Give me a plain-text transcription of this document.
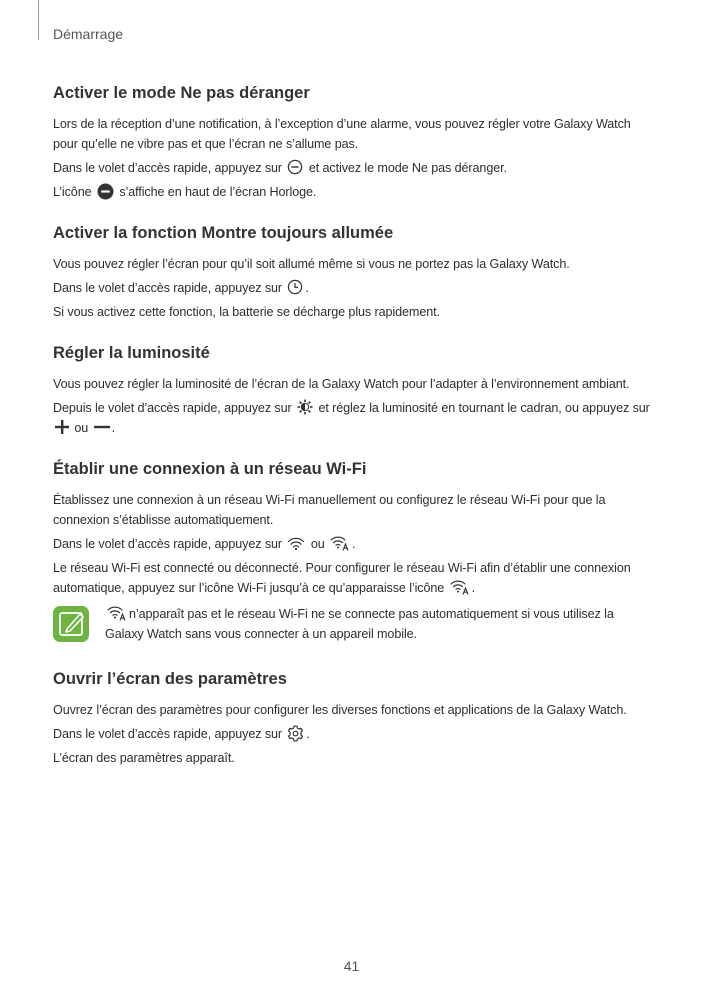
Démarrage
Activer le mode Ne pas déranger

Lors de la réception d’une notification, à l’exception d’une alarme, vous pouvez régler votre Galaxy Watch pour qu’elle ne vibre pas et que l’écran ne s’allume pas.

Dans le volet d’accès rapide, appuyez sur et activez le mode Ne pas déranger.

L’icône s’affiche en haut de l’écran Horloge.

Activer la fonction Montre toujours allumée

Vous pouvez régler l’écran pour qu’il soit allumé même si vous ne portez pas la Galaxy Watch.

Dans le volet d’accès rapide, appuyez sur .

Si vous activez cette fonction, la batterie se décharge plus rapidement.

Régler la luminosité

Vous pouvez régler la luminosité de l’écran de la Galaxy Watch pour l’adapter à l’environnement ambiant.

Depuis le volet d’accès rapide, appuyez sur et réglez la luminosité en tournant le cadran, ou appuyez sur  ou .

Établir une connexion à un réseau Wi-Fi

Établissez une connexion à un réseau Wi-Fi manuellement ou configurez le réseau Wi-Fi pour que la connexion s’établisse automatiquement.

Dans le volet d’accès rapide, appuyez sur ou .

Le réseau Wi-Fi est connecté ou déconnecté. Pour configurer le réseau Wi-Fi afin d’établir une connexion automatique, appuyez sur l’icône Wi-Fi jusqu’à ce qu’apparaisse l’icône .

n’apparaît pas et le réseau Wi-Fi ne se connecte pas automatiquement si vous utilisez la Galaxy Watch sans vous connecter à un appareil mobile.

Ouvrir l’écran des paramètres

Ouvrez l’écran des paramètres pour configurer les diverses fonctions et applications de la Galaxy Watch.

Dans le volet d’accès rapide, appuyez sur .

L’écran des paramètres apparaît.

41
